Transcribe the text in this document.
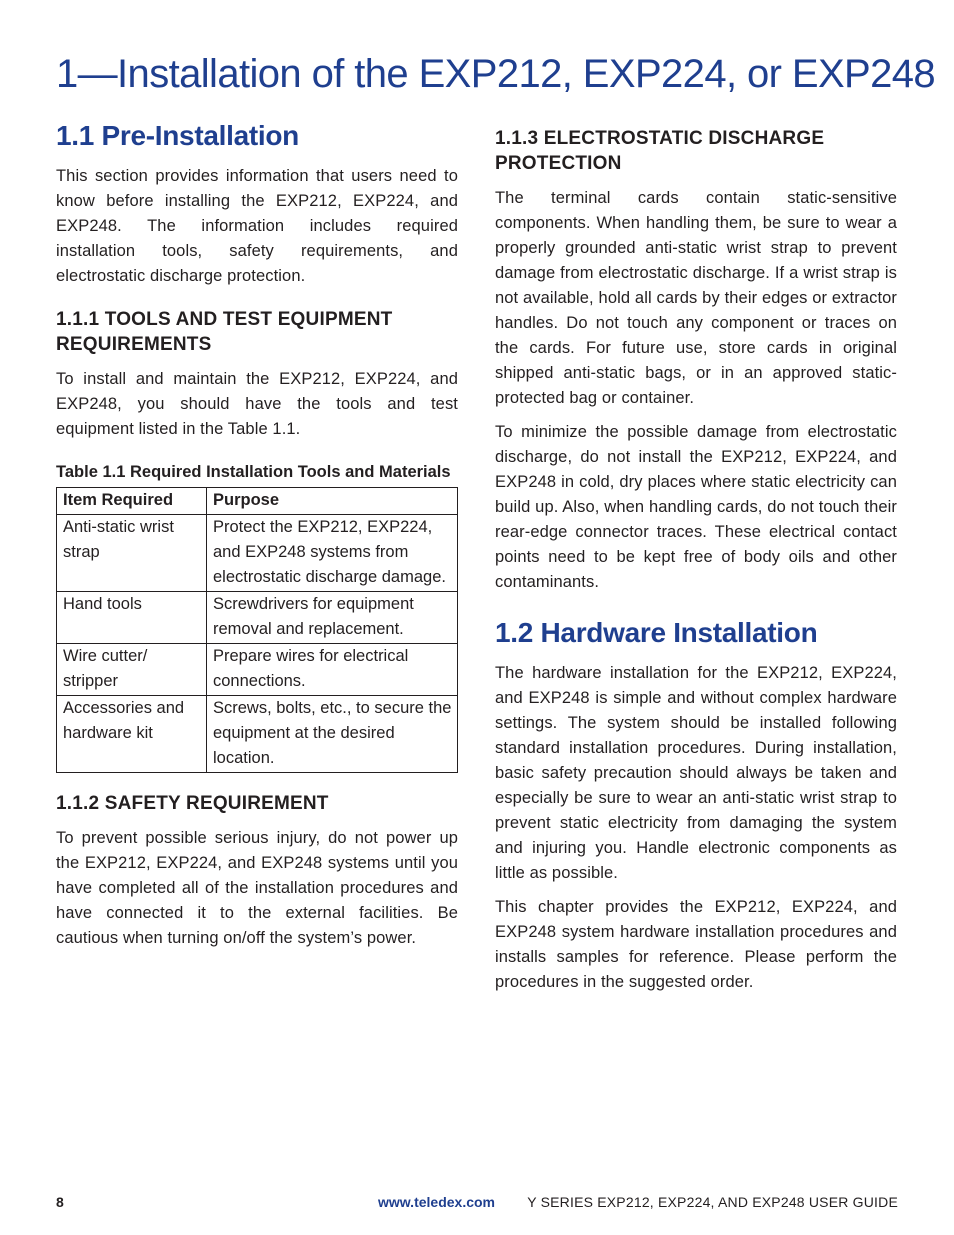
1—Installation of the EXP212, EXP224, or EXP248
1.1 Pre-Installation

This section provides information that users need to know before installing the EXP212, EXP224, and EXP248. The information includes required installation tools, safety requirements, and electrostatic discharge protection.

1.1.1 TOOLS AND TEST EQUIPMENT REQUIREMENTS

To install and maintain the EXP212, EXP224, and EXP248, you should have the tools and test equipment listed in the Table 1.1.

Table 1.1 Required Installation Tools and Materials
Item Required	Purpose
Anti-static wrist strap	Protect the EXP212, EXP224, and EXP248 systems from electrostatic discharge damage.
Hand tools	Screwdrivers for equipment removal and replacement.
Wire cutter/ stripper	Prepare wires for electrical connections.
Accessories and hardware kit	Screws, bolts, etc., to secure the equipment at the desired location.
1.1.2 SAFETY REQUIREMENT

To prevent possible serious injury, do not power up the EXP212, EXP224, and EXP248 systems until you have completed all of the installation procedures and have connected it to the external facilities. Be cautious when turning on/off the system’s power.

1.1.3 ELECTROSTATIC DISCHARGE PROTECTION

The terminal cards contain static-sensitive components. When handling them, be sure to wear a properly grounded anti-static wrist strap to prevent damage from electrostatic discharge. If a wrist strap is not available, hold all cards by their edges or extractor handles. Do not touch any component or traces on the cards. For future use, store cards in original shipped anti-static bags, or in an approved static-protected bag or container.

To minimize the possible damage from electrostatic discharge, do not install the EXP212, EXP224, and EXP248 in cold, dry places where static electricity can build up. Also, when handling cards, do not touch their rear-edge connector traces. These electrical contact points need to be kept free of body oils and other contaminants.

1.2 Hardware Installation

The hardware installation for the EXP212, EXP224, and EXP248 is simple and without complex hardware settings. The system should be installed following standard installation procedures. During installation, basic safety precaution should always be taken and especially be sure to wear an anti-static wrist strap to prevent static electricity from damaging the system and injuring you. Handle electronic components as little as possible.

This chapter provides the EXP212, EXP224, and EXP248 system hardware installation procedures and installs samples for reference. Please perform the procedures in the suggested order.

8	www.teledex.com Y SERIES EXP212, EXP224, AND EXP248 USER GUIDE
